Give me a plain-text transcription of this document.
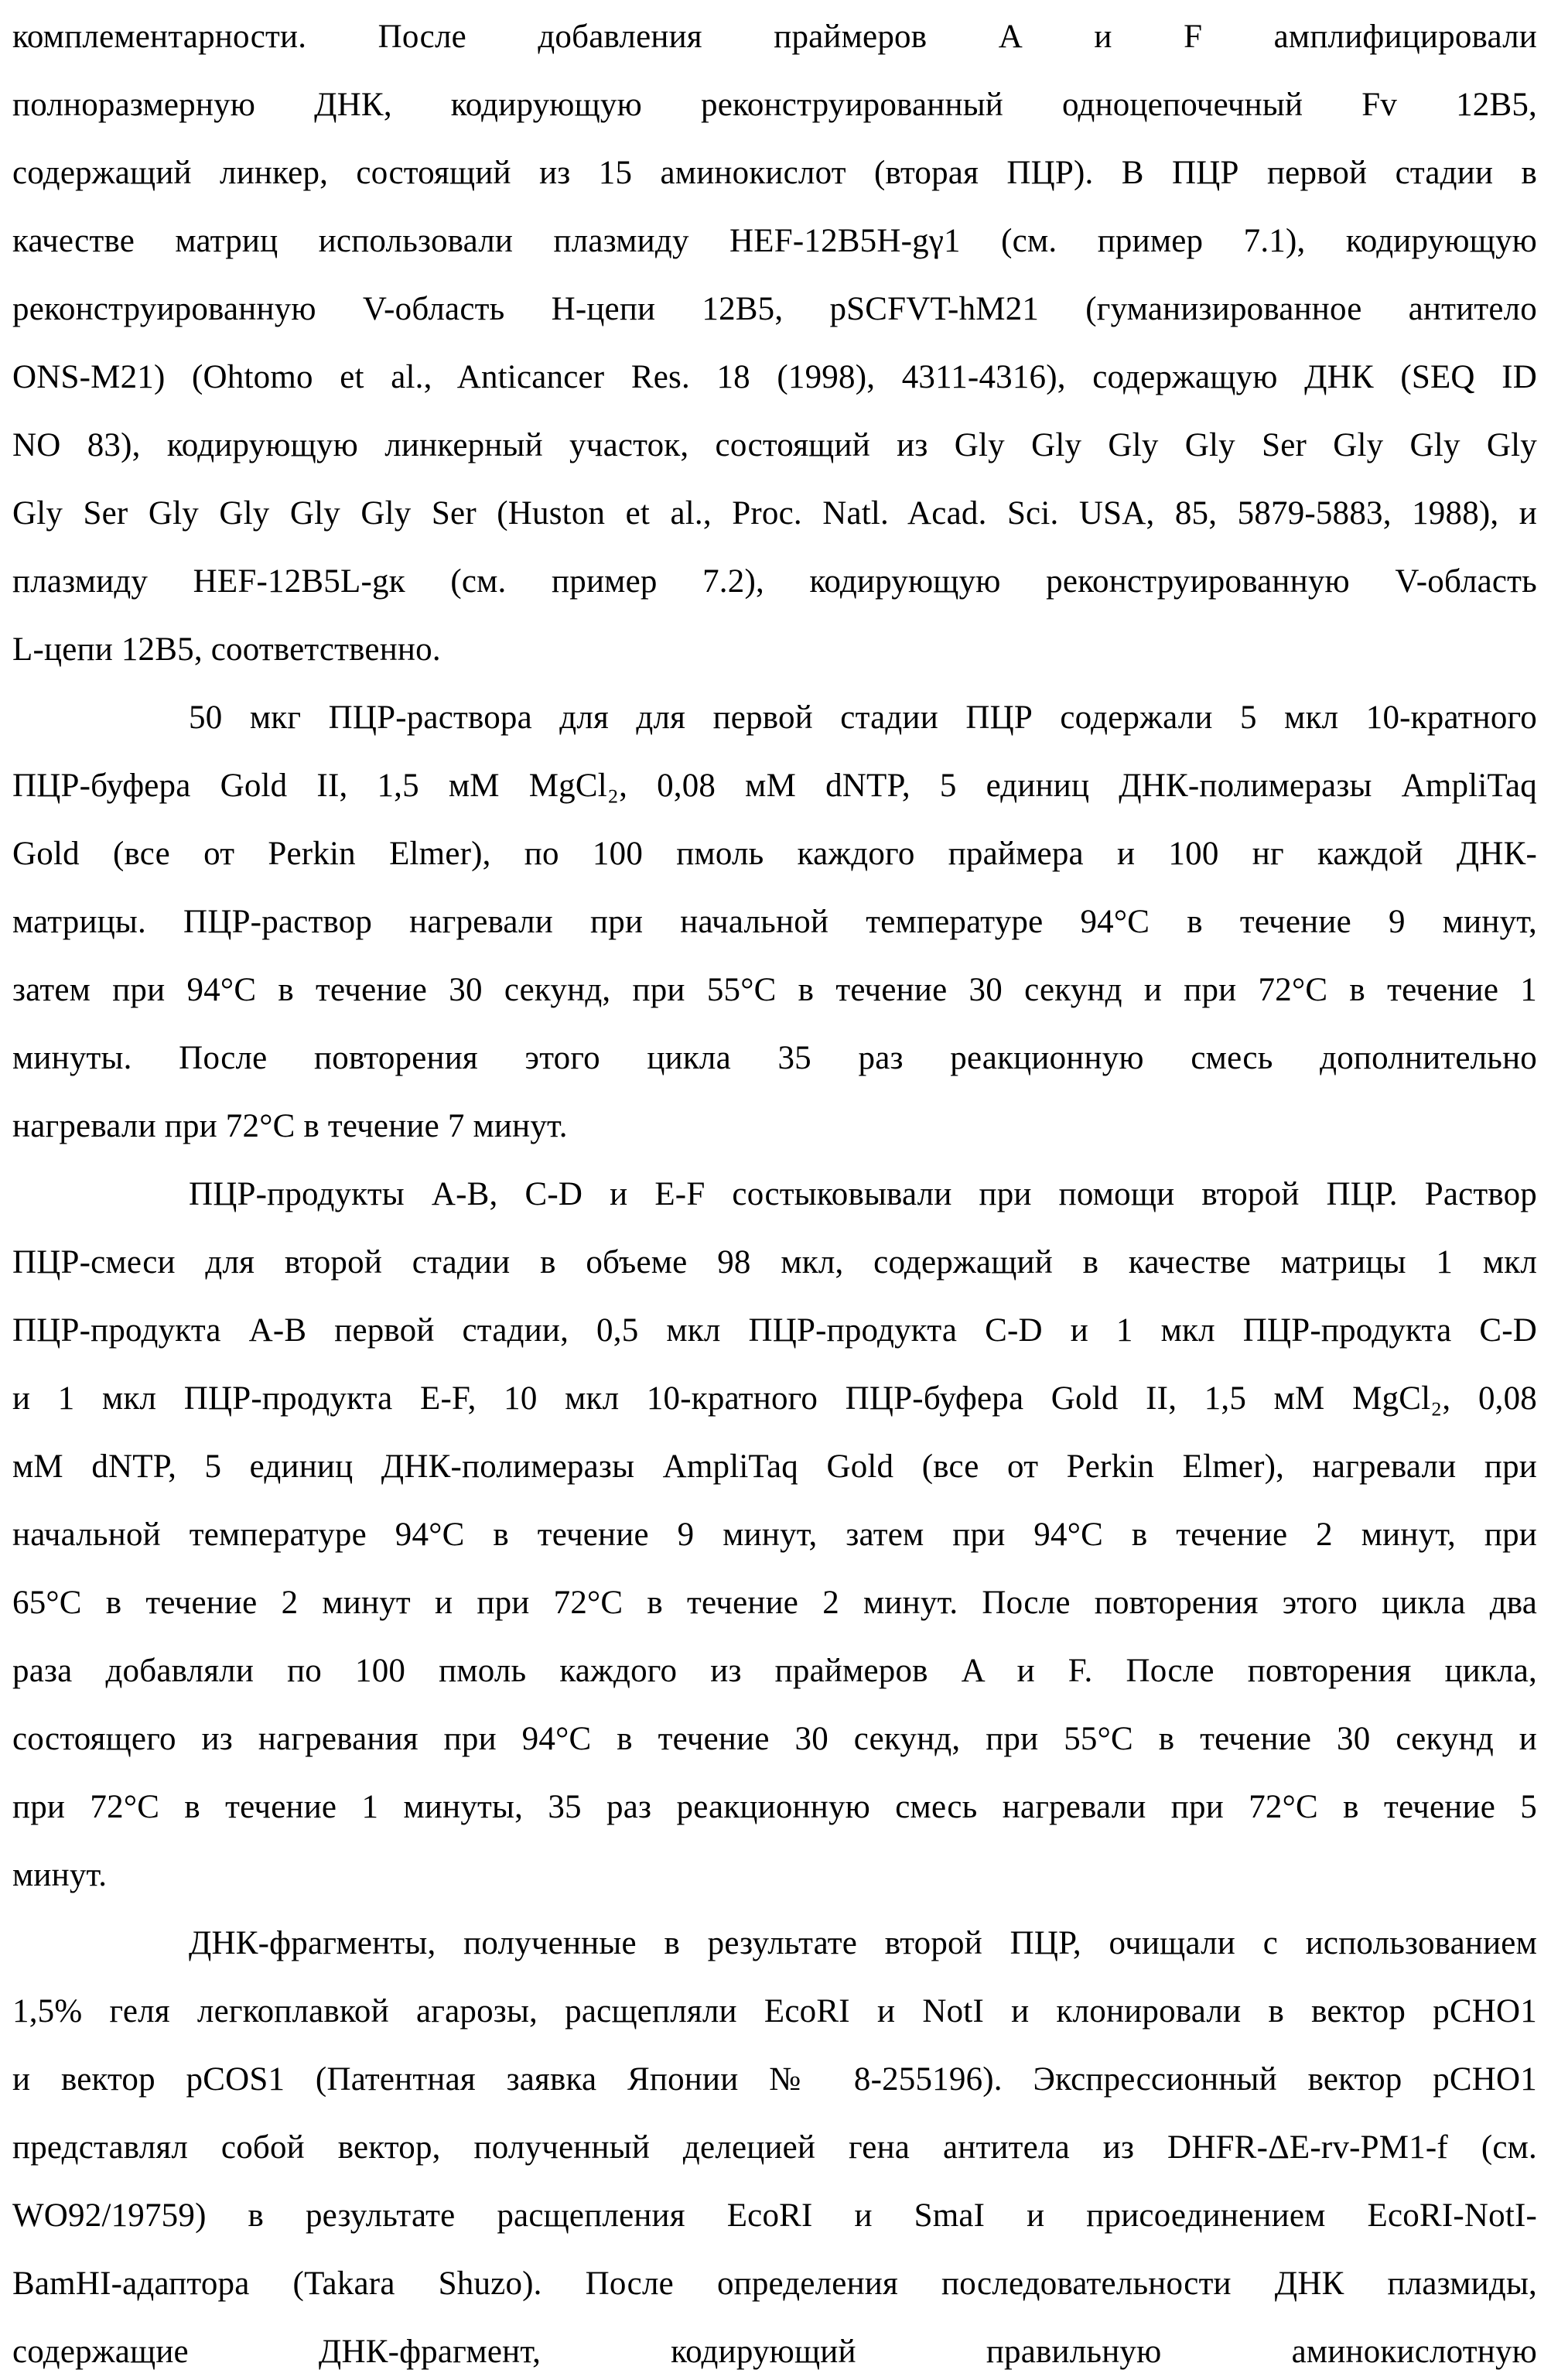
комплементарности. После добавления праймеров А и F амплифицировали
полноразмерную ДНК, кодирующую реконструированный одноцепочечный Fv 12B5,
содержащий линкер, состоящий из 15 аминокислот (вторая ПЦР). В ПЦР первой стадии в
качестве матриц использовали плазмиду HEF-12B5H-gγ1 (см. пример 7.1), кодирующую
реконструированную V-область H-цепи 12B5, pSCFVT-hM21 (гуманизированное антитело
ONS-M21) (Ohtomo et al., Anticancer Res. 18 (1998), 4311-4316), содержащую ДНК (SEQ ID
NO 83), кодирующую линкерный участок, состоящий из Gly Gly Gly Gly Ser Gly Gly Gly
Gly Ser Gly Gly Gly Gly Ser (Huston et al., Proc. Natl. Acad. Sci. USA, 85, 5879-5883, 1988), и
плазмиду HEF-12B5L-gк (см. пример 7.2), кодирующую реконструированную V-область
L-цепи 12B5, соответственно.
50 мкг ПЦР-раствора для для первой стадии ПЦР содержали 5 мкл 10-кратного
ПЦР-буфера Gold II, 1,5 мМ MgCl₂, 0,08 мМ dNTP, 5 единиц ДНК-полимеразы AmpliTaq
Gold (все от Perkin Elmer), по 100 пмоль каждого праймера и 100 нг каждой ДНК-
матрицы. ПЦР-раствор нагревали при начальной температуре 94°C в течение 9 минут,
затем при 94°C в течение 30 секунд, при 55°C в течение 30 секунд и при 72°C в течение 1
минуты. После повторения этого цикла 35 раз реакционную смесь дополнительно
нагревали при 72°C в течение 7 минут.
ПЦР-продукты A-B, C-D и E-F состыковывали при помощи второй ПЦР. Раствор
ПЦР-смеси для второй стадии в объеме 98 мкл, содержащий в качестве матрицы 1 мкл
ПЦР-продукта A-B первой стадии, 0,5 мкл ПЦР-продукта C-D и 1 мкл ПЦР-продукта C-D
и 1 мкл ПЦР-продукта E-F, 10 мкл 10-кратного ПЦР-буфера Gold II, 1,5 мМ MgCl₂, 0,08
мМ dNTP, 5 единиц ДНК-полимеразы AmpliTaq Gold (все от Perkin Elmer), нагревали при
начальной температуре 94°C в течение 9 минут, затем при 94°C в течение 2 минут, при
65°C в течение 2 минут и при 72°C в течение 2 минут. После повторения этого цикла два
раза добавляли по 100 пмоль каждого из праймеров A и F. После повторения цикла,
состоящего из нагревания при 94°C в течение 30 секунд, при 55°C в течение 30 секунд и
при 72°C в течение 1 минуты, 35 раз реакционную смесь нагревали при 72°C в течение 5
минут.
ДНК-фрагменты, полученные в результате второй ПЦР, очищали с использованием
1,5% геля легкоплавкой агарозы, расщепляли EcoRI и NotI и клонировали в вектор pCHO1
и вектор pCOS1 (Патентная заявка Японии № 8-255196). Экспрессионный вектор pCHO1
представлял собой вектор, полученный делецией гена антитела из DHFR-ΔE-rv-PM1-f (см.
WO92/19759) в результате расщепления EcoRI и SmaI и присоединением EcoRI-NotI-
BamHI-адаптора (Takara Shuzo). После определения последовательности ДНК плазмиды,
содержащие ДНК-фрагмент, кодирующий правильную аминокислотную
